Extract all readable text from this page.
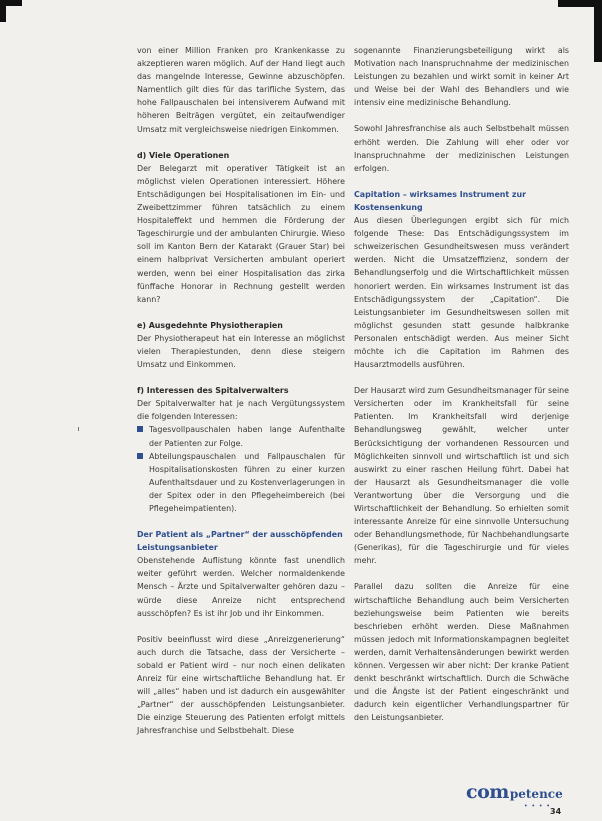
von einer Million Franken pro Krankenkasse zu akzeptieren waren möglich. Auf der Hand liegt auch das mangelnde Interesse, Gewinne abzuschöpfen. Namentlich gilt dies für das tarifliche System, das hohe Fallpauschalen bei intensiverem Aufwand mit höheren Beiträgen vergütet, ein zeitaufwendiger Umsatz mit vergleichsweise niedrigen Einkommen.

d) Viele Operationen

Der Belegarzt mit operativer Tätigkeit ist an möglichst vielen Operationen interessiert. Höhere Entschädigungen bei Hospitalisationen im Ein- und Zweibettzimmer führen tatsächlich zu einem Hospitaleffekt und hemmen die Förderung der Tageschirurgie und der ambulanten Chirurgie. Wieso soll im Kanton Bern der Katarakt (Grauer Star) bei einem halbprivat Versicherten ambulant operiert werden, wenn bei einer Hospitalisation das zirka fünffache Honorar in Rechnung gestellt werden kann?

e) Ausgedehnte Physiotherapien

Der Physiotherapeut hat ein Interesse an möglichst vielen Therapiestunden, denn diese steigern Umsatz und Einkommen.

f) Interessen des Spitalverwalters

Der Spitalverwalter hat je nach Vergütungssystem die folgenden Interessen:

Tagesvollpauschalen haben lange Aufenthalte der Patienten zur Folge.
Abteilungspauschalen und Fallpauschalen für Hospitalisationskosten führen zu einer kurzen Aufenthaltsdauer und zu Kostenverlagerungen in der Spitex oder in den Pflegeheimbereich (bei Pflegeheimpatienten).

Der Patient als „Partner“ der ausschöpfenden Leistungsanbieter

Obenstehende Auflistung könnte fast unendlich weiter geführt werden. Welcher normaldenkende Mensch – Ärzte und Spitalverwalter gehören dazu – würde diese Anreize nicht entsprechend ausschöpfen? Es ist ihr Job und ihr Einkommen.

Positiv beeinflusst wird diese „Anreizgenerierung“ auch durch die Tatsache, dass der Versicherte – sobald er Patient wird – nur noch einen delikaten Anreiz für eine wirtschaftliche Behandlung hat. Er will „alles“ haben und ist dadurch ein ausgewählter „Partner“ der ausschöpfenden Leistungsanbieter. Die einzige Steuerung des Patienten erfolgt mittels Jahresfranchise und Selbstbehalt. Diese

sogenannte Finanzierungsbeteiligung wirkt als Motivation nach Inanspruchnahme der medizinischen Leistungen zu bezahlen und wirkt somit in keiner Art und Weise bei der Wahl des Behandlers und wie intensiv eine medizinische Behandlung.

Sowohl Jahresfranchise als auch Selbstbehalt müssen erhöht werden. Die Zahlung will eher oder vor Inanspruchnahme der medizinischen Leistungen erfolgen.

Capitation – wirksames Instrument zur Kostensenkung

Aus diesen Überlegungen ergibt sich für mich folgende These: Das Entschädigungssystem im schweizerischen Gesundheitswesen muss verändert werden. Nicht die Umsatzeffizienz, sondern der Behandlungserfolg und die Wirtschaftlichkeit müssen honoriert werden. Ein wirksames Instrument ist das Entschädigungssystem der „Capitation“. Die Leistungsanbieter im Gesundheitswesen sollen mit möglichst gesunden statt gesunde halbkranke Personalen entschädigt werden. Aus meiner Sicht möchte ich die Capitation im Rahmen des Hausarztmodells ausführen.

Der Hausarzt wird zum Gesundheitsmanager für seine Versicherten oder im Krankheitsfall für seine Patienten. Im Krankheitsfall wird derjenige Behandlungsweg gewählt, welcher unter Berücksichtigung der vorhandenen Ressourcen und Möglichkeiten sinnvoll und wirtschaftlich ist und sich auswirkt zu einer raschen Heilung führt. Dabei hat der Hausarzt als Gesundheitsmanager die volle Verantwortung über die Versorgung und die Wirtschaftlichkeit der Behandlung. So erhielten somit interessante Anreize für eine sinnvolle Untersuchung oder Behandlungsmethode, für Nachbehandlungsarte (Generikas), für die Tageschirurgie und für vieles mehr.

Parallel dazu sollten die Anreize für eine wirtschaftliche Behandlung auch beim Versicherten beziehungsweise beim Patienten wie bereits beschrieben erhöht werden. Diese Maßnahmen müssen jedoch mit Informationskampagnen begleitet werden, damit Verhaltensänderungen bewirkt werden können. Vergessen wir aber nicht: Der kranke Patient denkt beschränkt wirtschaftlich. Durch die Schwäche und die Ängste ist der Patient eingeschränkt und dadurch kein eigentlicher Verhandlungspartner für den Leistungsanbieter.

competence
• • • •
34
